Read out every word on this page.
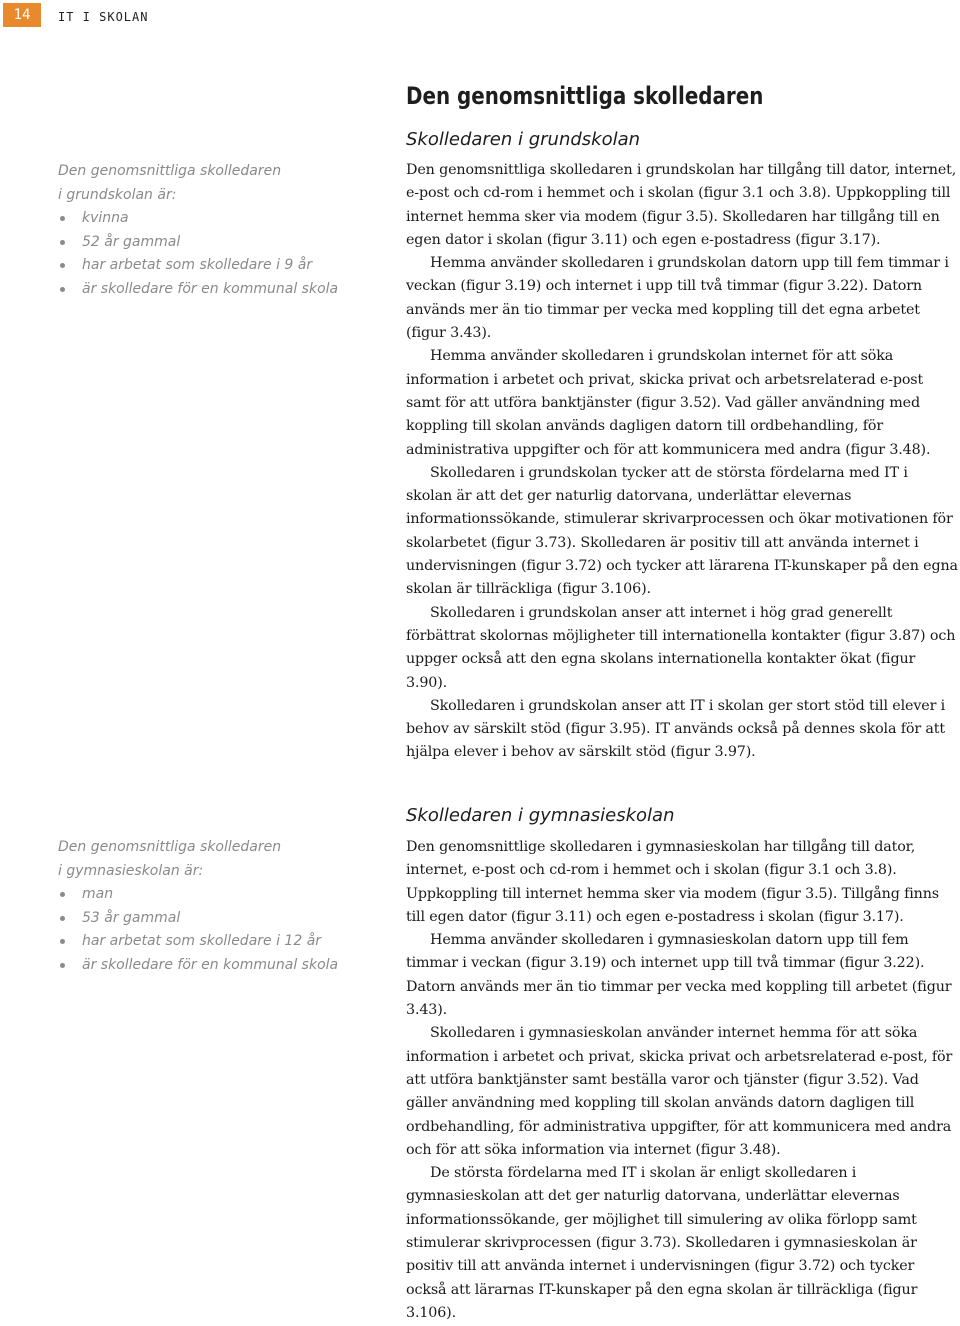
14	IT I SKOLAN
Den genomsnittliga skolledaren
i grundskolan är:
kvinna
52 år gammal
har arbetat som skolledare i 9 år
är skolledare för en kommunal skola
Den genomsnittliga skolledaren
i gymnasieskolan är:
man
53 år gammal
har arbetat som skolledare i 12 år
är skolledare för en kommunal skola
Den genomsnittliga skolledaren
Skolledaren i grundskolan

Den genomsnittliga skolledaren i grundskolan har tillgång till dator, internet, e-post och cd-rom i hemmet och i skolan (figur 3.1 och 3.8). Uppkoppling till internet hemma sker via modem (figur 3.5). Skolledaren har tillgång till en egen dator i skolan (figur 3.11) och egen e-postadress (figur 3.17).

Hemma använder skolledaren i grundskolan datorn upp till fem timmar i veckan (figur 3.19) och internet i upp till två timmar (figur 3.22). Datorn används mer än tio timmar per vecka med koppling till det egna arbetet (figur 3.43).

Hemma använder skolledaren i grundskolan internet för att söka information i arbetet och privat, skicka privat och arbetsrelaterad e-post samt för att utföra banktjänster (figur 3.52). Vad gäller användning med koppling till skolan används dagligen datorn till ordbehandling, för administrativa uppgifter och för att kommunicera med andra (figur 3.48).

Skolledaren i grundskolan tycker att de största fördelarna med IT i skolan är att det ger naturlig datorvana, underlättar elevernas informationssökande, stimulerar skrivarprocessen och ökar motivationen för skolarbetet (figur 3.73). Skolledaren är positiv till att använda internet i undervisningen (figur 3.72) och tycker att lärarena IT-kunskaper på den egna skolan är tillräckliga (figur 3.106).

Skolledaren i grundskolan anser att internet i hög grad generellt förbättrat skolornas möjligheter till internationella kontakter (figur 3.87) och uppger också att den egna skolans internationella kontakter ökat (figur 3.90).

Skolledaren i grundskolan anser att IT i skolan ger stort stöd till elever i behov av särskilt stöd (figur 3.95). IT används också på dennes skola för att hjälpa elever i behov av särskilt stöd (figur 3.97).

Skolledaren i gymnasieskolan

Den genomsnittlige skolledaren i gymnasieskolan har tillgång till dator, internet, e-post och cd-rom i hemmet och i skolan (figur 3.1 och 3.8). Uppkoppling till internet hemma sker via modem (figur 3.5). Tillgång finns till egen dator (figur 3.11) och egen e-postadress i skolan (figur 3.17).

Hemma använder skolledaren i gymnasieskolan datorn upp till fem timmar i veckan (figur 3.19) och internet upp till två timmar (figur 3.22). Datorn används mer än tio timmar per vecka med koppling till arbetet (figur 3.43).

Skolledaren i gymnasieskolan använder internet hemma för att söka information i arbetet och privat, skicka privat och arbetsrelaterad e-post, för att utföra banktjänster samt beställa varor och tjänster (figur 3.52). Vad gäller användning med koppling till skolan används datorn dagligen till ordbehandling, för administrativa uppgifter, för att kommunicera med andra och för att söka information via internet (figur 3.48).

De största fördelarna med IT i skolan är enligt skolledaren i gymnasieskolan att det ger naturlig datorvana, underlättar elevernas informationssökande, ger möjlighet till simulering av olika förlopp samt stimulerar skrivprocessen (figur 3.73). Skolledaren i gymnasieskolan är positiv till att använda internet i undervisningen (figur 3.72) och tycker också att lärarnas IT-kunskaper på den egna skolan är tillräckliga (figur 3.106).
